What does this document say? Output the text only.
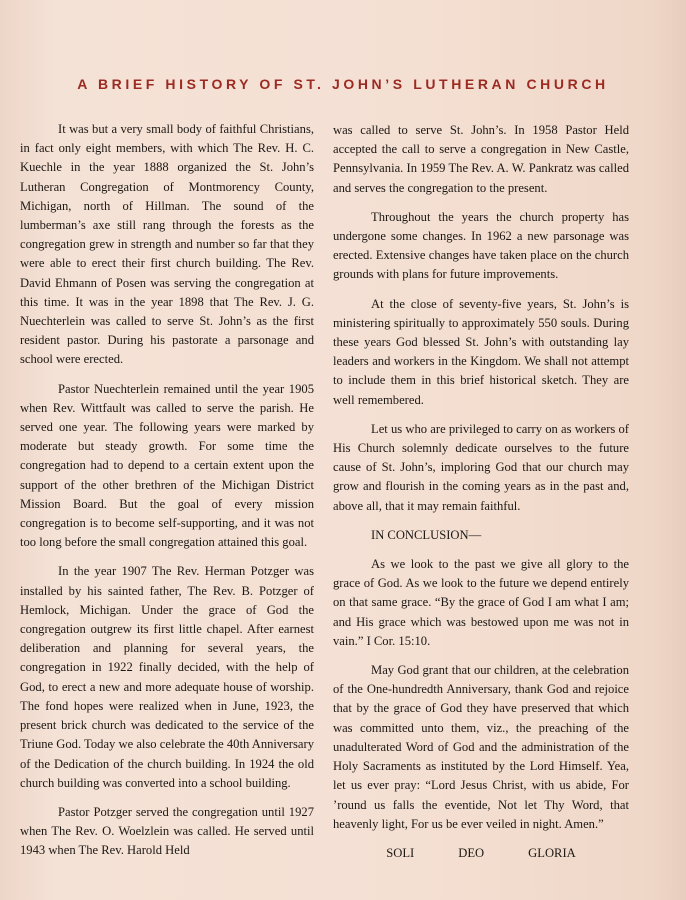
A BRIEF HISTORY OF ST. JOHN’S LUTHERAN CHURCH

It was but a very small body of faithful Christians, in fact only eight members, with which The Rev. H. C. Kuechle in the year 1888 organized the St. John’s Lutheran Congregation of Montmorency County, Michigan, north of Hillman. The sound of the lumberman’s axe still rang through the forests as the congregation grew in strength and number so far that they were able to erect their first church building. The Rev. David Ehmann of Posen was serving the congregation at this time. It was in the year 1898 that The Rev. J. G. Nuechterlein was called to serve St. John’s as the first resident pastor. During his pastorate a parsonage and school were erected.

Pastor Nuechterlein remained until the year 1905 when Rev. Wittfault was called to serve the parish. He served one year. The following years were marked by moderate but steady growth. For some time the congregation had to depend to a certain extent upon the support of the other brethren of the Michigan District Mission Board. But the goal of every mission congregation is to become self-supporting, and it was not too long before the small congregation attained this goal.

In the year 1907 The Rev. Herman Potzger was installed by his sainted father, The Rev. B. Potzger of Hemlock, Michigan. Under the grace of God the congregation outgrew its first little chapel. After earnest deliberation and planning for several years, the congregation in 1922 finally decided, with the help of God, to erect a new and more adequate house of worship. The fond hopes were realized when in June, 1923, the present brick church was dedicated to the service of the Triune God. Today we also celebrate the 40th Anniversary of the Dedication of the church building. In 1924 the old church building was converted into a school building.

Pastor Potzger served the congregation until 1927 when The Rev. O. Woelzlein was called. He served until 1943 when The Rev. Harold Held

was called to serve St. John’s. In 1958 Pastor Held accepted the call to serve a congregation in New Castle, Pennsylvania. In 1959 The Rev. A. W. Pankratz was called and serves the congregation to the present.

Throughout the years the church property has undergone some changes. In 1962 a new parsonage was erected. Extensive changes have taken place on the church grounds with plans for future improvements.

At the close of seventy-five years, St. John’s is ministering spiritually to approximately 550 souls. During these years God blessed St. John’s with outstanding lay leaders and workers in the Kingdom. We shall not attempt to include them in this brief historical sketch. They are well remembered.

Let us who are privileged to carry on as workers of His Church solemnly dedicate ourselves to the future cause of St. John’s, imploring God that our church may grow and flourish in the coming years as in the past and, above all, that it may remain faithful.

IN CONCLUSION—

As we look to the past we give all glory to the grace of God. As we look to the future we depend entirely on that same grace. “By the grace of God I am what I am; and His grace which was bestowed upon me was not in vain.” I Cor. 15:10.

May God grant that our children, at the celebration of the One-hundredth Anniversary, thank God and rejoice that by the grace of God they have preserved that which was committed unto them, viz., the preaching of the unadulterated Word of God and the administration of the Holy Sacraments as instituted by the Lord Himself. Yea, let us ever pray: “Lord Jesus Christ, with us abide, For ’round us falls the eventide, Not let Thy Word, that heavenly light, For us be ever veiled in night. Amen.”

SOLI	DEO	GLORIA
